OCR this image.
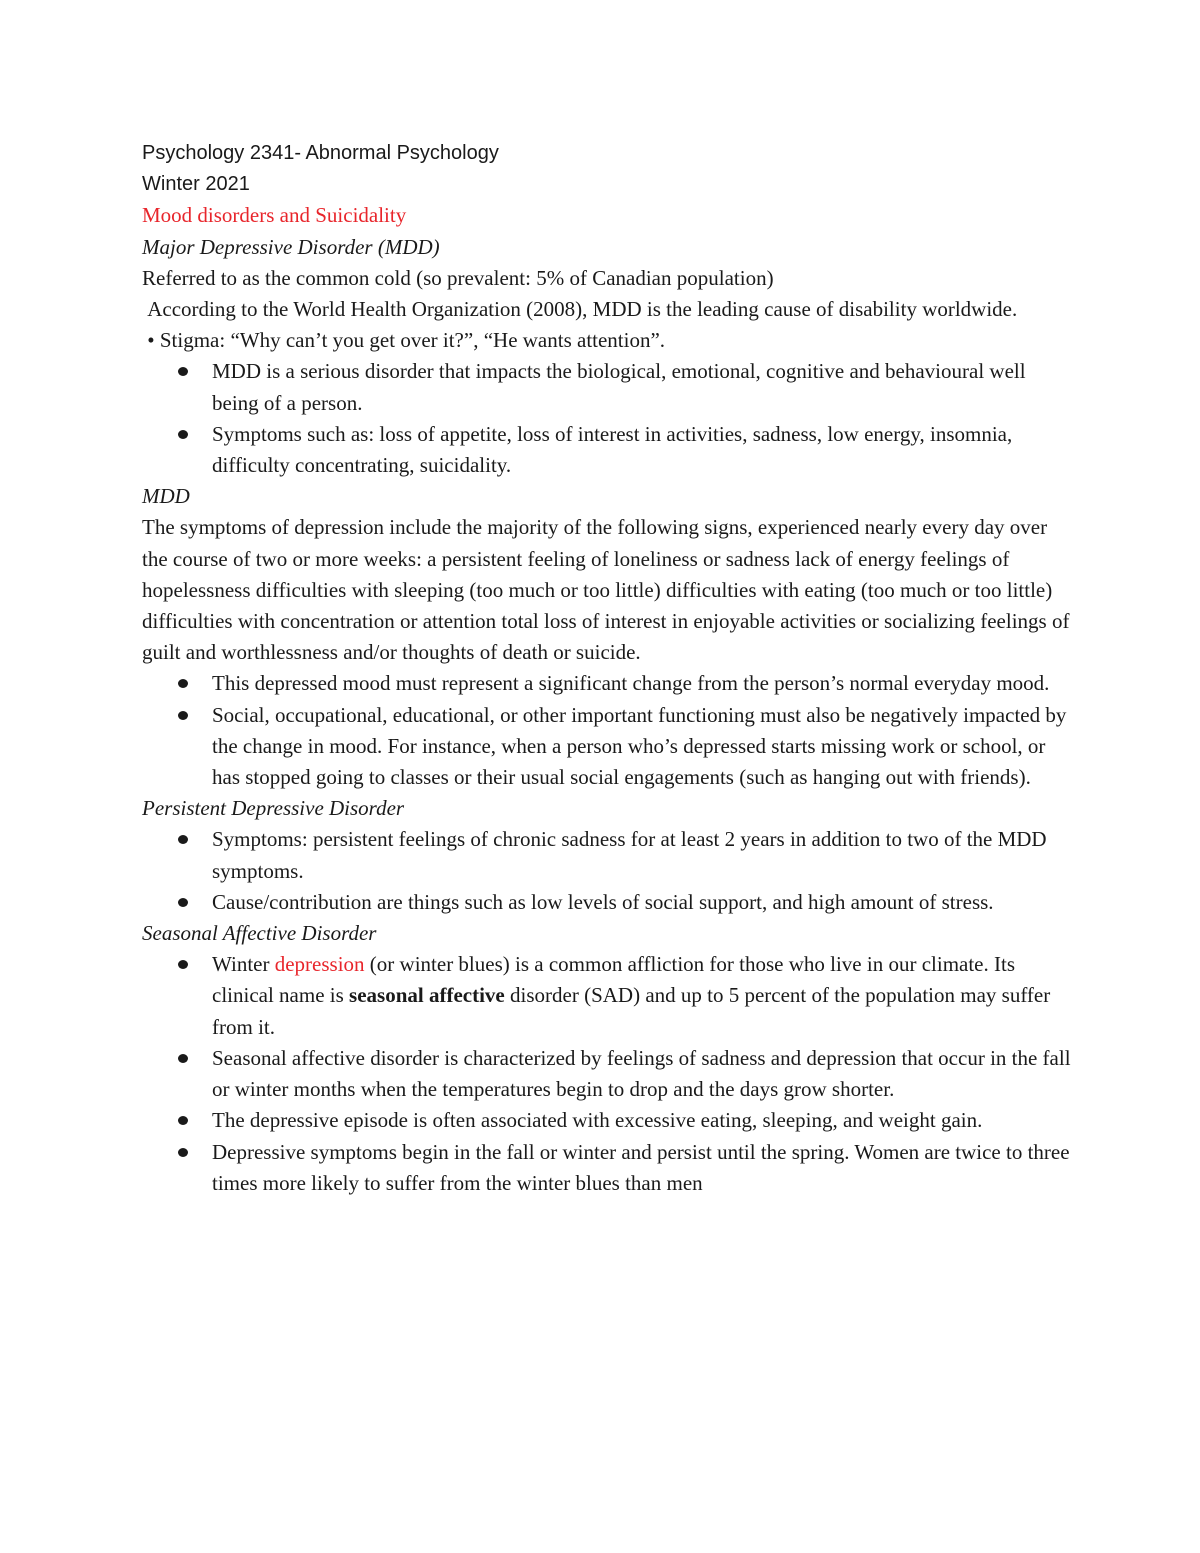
Psychology 2341- Abnormal Psychology

Winter 2021

Mood disorders and Suicidality

Major Depressive Disorder (MDD)

Referred to as the common cold (so prevalent: 5% of Canadian population)

According to the World Health Organization (2008), MDD is the leading cause of disability worldwide.

• Stigma: “Why can’t you get over it?”, “He wants attention”.

MDD is a serious disorder that impacts the biological, emotional, cognitive and behavioural well being of a person.
Symptoms such as: loss of appetite, loss of interest in activities, sadness, low energy, insomnia, difficulty concentrating, suicidality.

MDD

The symptoms of depression include the majority of the following signs, experienced nearly every day over the course of two or more weeks: a persistent feeling of loneliness or sadness lack of energy feelings of hopelessness difficulties with sleeping (too much or too little) difficulties with eating (too much or too little) difficulties with concentration or attention total loss of interest in enjoyable activities or socializing feelings of guilt and worthlessness and/or thoughts of death or suicide.

This depressed mood must represent a significant change from the person’s normal everyday mood.
Social, occupational, educational, or other important functioning must also be negatively impacted by the change in mood. For instance, when a person who’s depressed starts missing work or school, or has stopped going to classes or their usual social engagements (such as hanging out with friends).

Persistent Depressive Disorder

Symptoms: persistent feelings of chronic sadness for at least 2 years in addition to two of the MDD symptoms.
Cause/contribution are things such as low levels of social support, and high amount of stress.

Seasonal Affective Disorder

Winter depression (or winter blues) is a common affliction for those who live in our climate. Its clinical name is seasonal affective disorder (SAD) and up to 5 percent of the population may suffer from it.
Seasonal affective disorder is characterized by feelings of sadness and depression that occur in the fall or winter months when the temperatures begin to drop and the days grow shorter.
The depressive episode is often associated with excessive eating, sleeping, and weight gain.
Depressive symptoms begin in the fall or winter and persist until the spring. Women are twice to three times more likely to suffer from the winter blues than men
